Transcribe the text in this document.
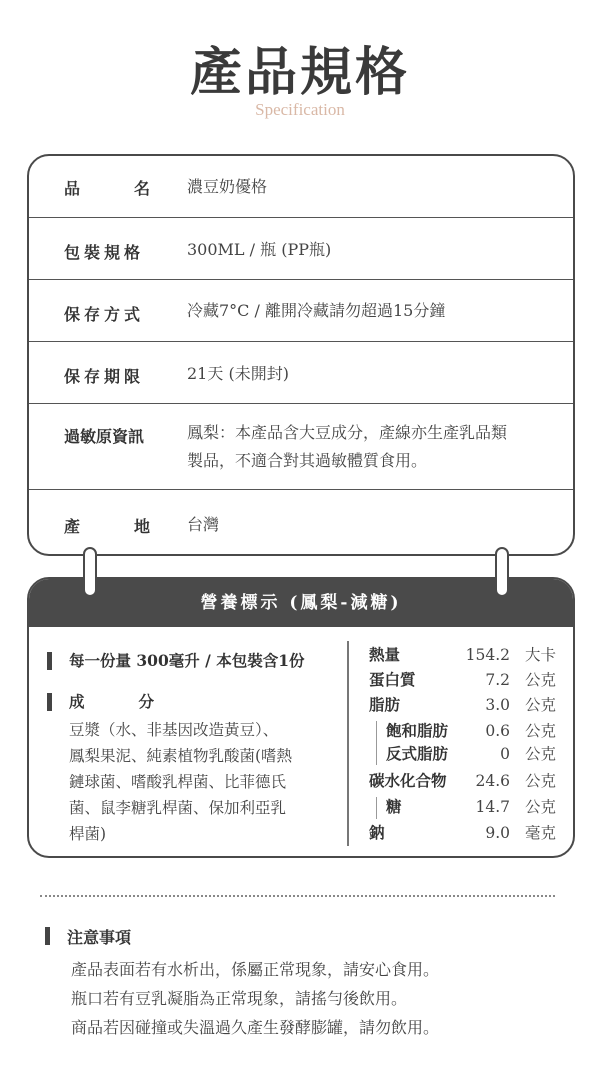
產品規格
Specification
品	名 濃豆奶優格
包裝規格	300ML / 瓶 (PP瓶)
保存方式	冷藏7°C / 離開冷藏請勿超過15分鐘
保存期限	21天 (未開封)
過敏原資訊	鳳梨：本產品含大豆成分，產線亦生產乳品類
製品，不適合對其過敏體質食用。
產	地 台灣
營養標示 (鳳梨-減糖)
每一份量 300毫升 / 本包裝含1份
成	分
豆漿（水、非基因改造黃豆）、
鳳梨果泥、純素植物乳酸菌(嗜熱
鏈球菌、嗜酸乳桿菌、比菲德氏
菌、鼠李糖乳桿菌、保加利亞乳
桿菌)
熱量	154.2 大卡
蛋白質	7.2 公克
脂肪	3.0 公克
飽和脂肪 0.6 公克
反式脂肪	0 公克
碳水化合物 24.6 公克
糖	14.7 公克
鈉	9.0 毫克
注意事項
產品表面若有水析出，係屬正常現象，請安心食用。
瓶口若有豆乳凝脂為正常現象，請搖勻後飲用。
商品若因碰撞或失溫過久產生發酵膨罐，請勿飲用。
